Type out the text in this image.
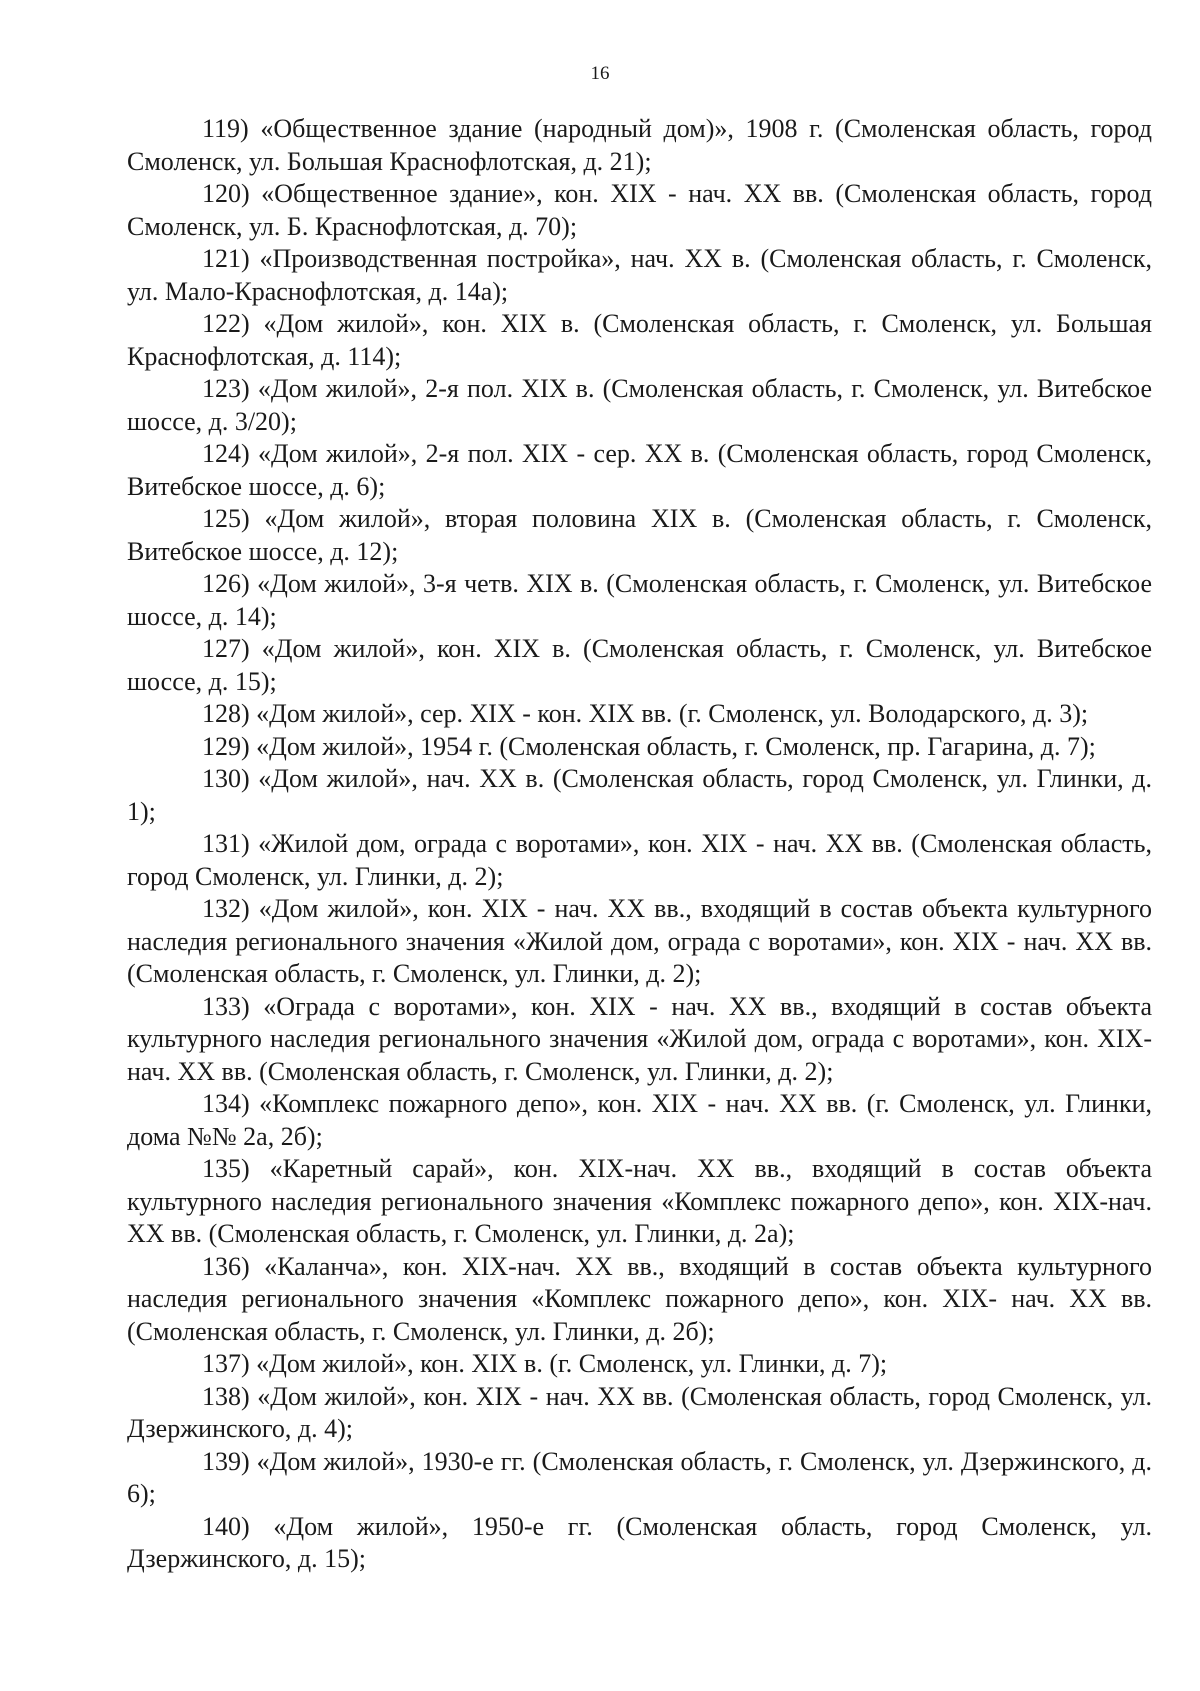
16

119) «Общественное здание (народный дом)», 1908 г. (Смоленская область, город Смоленск, ул. Большая Краснофлотская, д. 21);

120) «Общественное здание», кон. XIX - нач. XX вв. (Смоленская область, город Смоленск, ул. Б. Краснофлотская, д. 70);

121) «Производственная постройка», нач. XX в. (Смоленская область, г. Смоленск, ул. Мало-Краснофлотская, д. 14а);

122) «Дом жилой», кон. XIX в. (Смоленская область, г. Смоленск, ул. Большая Краснофлотская, д. 114);

123) «Дом жилой», 2-я пол. XIX в. (Смоленская область, г. Смоленск, ул. Витебское шоссе, д. 3/20);

124) «Дом жилой», 2-я пол. XIX - сер. XX в. (Смоленская область, город Смоленск, Витебское шоссе, д. 6);

125) «Дом жилой», вторая половина XIX в. (Смоленская область, г. Смоленск, Витебское шоссе, д. 12);

126) «Дом жилой», 3-я четв. XIX в. (Смоленская область, г. Смоленск, ул. Витебское шоссе, д. 14);

127) «Дом жилой», кон. XIX в. (Смоленская область, г. Смоленск, ул. Витебское шоссе, д. 15);

128) «Дом жилой», сер. XIX - кон. XIX вв. (г. Смоленск, ул. Володарского, д. 3);

129) «Дом жилой», 1954 г. (Смоленская область, г. Смоленск, пр. Гагарина, д. 7);

130) «Дом жилой», нач. XX в. (Смоленская область, город Смоленск, ул. Глинки, д. 1);

131) «Жилой дом, ограда с воротами», кон. XIX - нач. XX вв. (Смоленская область, город Смоленск, ул. Глинки, д. 2);

132) «Дом жилой», кон. XIX - нач. XX вв., входящий в состав объекта культурного наследия регионального значения «Жилой дом, ограда с воротами», кон. XIX - нач. XX вв. (Смоленская область, г. Смоленск, ул. Глинки, д. 2);

133) «Ограда с воротами», кон. XIX - нач. XX вв., входящий в состав объекта культурного наследия регионального значения «Жилой дом, ограда с воротами», кон. XIX-нач. XX вв. (Смоленская область, г. Смоленск, ул. Глинки, д. 2);

134) «Комплекс пожарного депо», кон. XIX - нач. XX вв. (г. Смоленск, ул. Глинки, дома №№ 2а, 2б);

135) «Каретный сарай», кон. XIX-нач. XX вв., входящий в состав объекта культурного наследия регионального значения «Комплекс пожарного депо», кон. XIX-нач. XX вв. (Смоленская область, г. Смоленск, ул. Глинки, д. 2а);

136) «Каланча», кон. XIX-нач. XX вв., входящий в состав объекта культурного наследия регионального значения «Комплекс пожарного депо», кон. XIX- нач. XX вв. (Смоленская область, г. Смоленск, ул. Глинки, д. 2б);

137) «Дом жилой», кон. XIX в. (г. Смоленск, ул. Глинки, д. 7);

138) «Дом жилой», кон. XIX - нач. XX вв. (Смоленская область, город Смоленск, ул. Дзержинского, д. 4);

139) «Дом жилой», 1930-е гг. (Смоленская область, г. Смоленск, ул. Дзержинского, д. 6);

140) «Дом жилой», 1950-е гг. (Смоленская область, город Смоленск, ул. Дзержинского, д. 15);
